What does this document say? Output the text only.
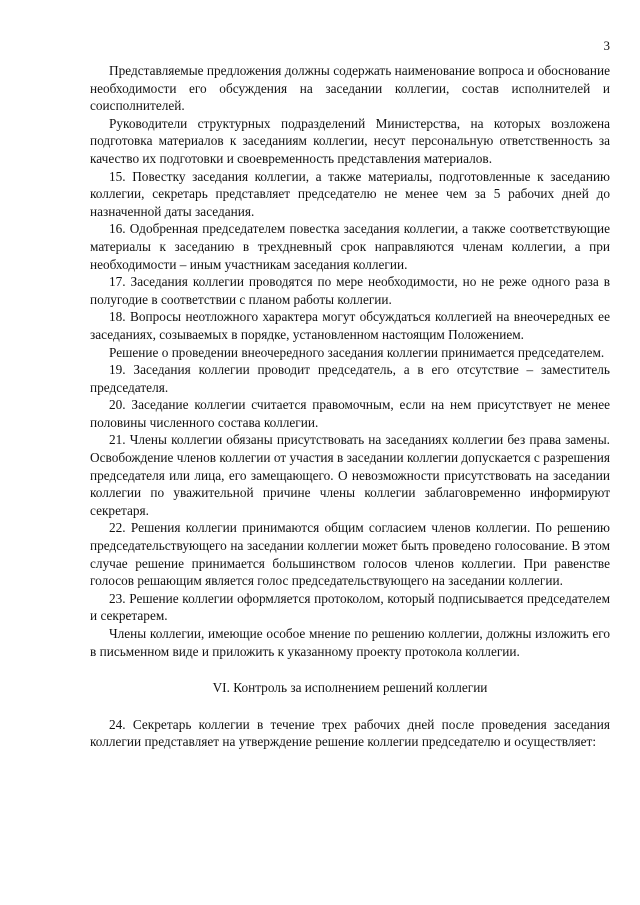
3

Представляемые предложения должны содержать наименование вопроса и обоснование необходимости его обсуждения на заседании коллегии, состав исполнителей и соисполнителей.

Руководители структурных подразделений Министерства, на которых возложена подготовка материалов к заседаниям коллегии, несут персональную ответственность за качество их подготовки и своевременность представления материалов.

15. Повестку заседания коллегии, а также материалы, подготовленные к заседанию коллегии, секретарь представляет председателю не менее чем за 5 рабочих дней до назначенной даты заседания.

16. Одобренная председателем повестка заседания коллегии, а также соответствующие материалы к заседанию в трехдневный срок направляются членам коллегии, а при необходимости – иным участникам заседания коллегии.

17. Заседания коллегии проводятся по мере необходимости, но не реже одного раза в полугодие в соответствии с планом работы коллегии.

18. Вопросы неотложного характера могут обсуждаться коллегией на внеочередных ее заседаниях, созываемых в порядке, установленном настоящим Положением.

Решение о проведении внеочередного заседания коллегии принимается председателем.

19. Заседания коллегии проводит председатель, а в его отсутствие – заместитель председателя.

20. Заседание коллегии считается правомочным, если на нем присутствует не менее половины численного состава коллегии.

21. Члены коллегии обязаны присутствовать на заседаниях коллегии без права замены. Освобождение членов коллегии от участия в заседании коллегии допускается с разрешения председателя или лица, его замещающего. О невозможности присутствовать на заседании коллегии по уважительной причине члены коллегии заблаговременно информируют секретаря.

22. Решения коллегии принимаются общим согласием членов коллегии. По решению председательствующего на заседании коллегии может быть проведено голосование. В этом случае решение принимается большинством голосов членов коллегии. При равенстве голосов решающим является голос председательствующего на заседании коллегии.

23. Решение коллегии оформляется протоколом, который подписывается председателем и секретарем.

Члены коллегии, имеющие особое мнение по решению коллегии, должны изложить его в письменном виде и приложить к указанному проекту протокола коллегии.

VI. Контроль за исполнением решений коллегии

24. Секретарь коллегии в течение трех рабочих дней после проведения заседания коллегии представляет на утверждение решение коллегии председателю и осуществляет:
